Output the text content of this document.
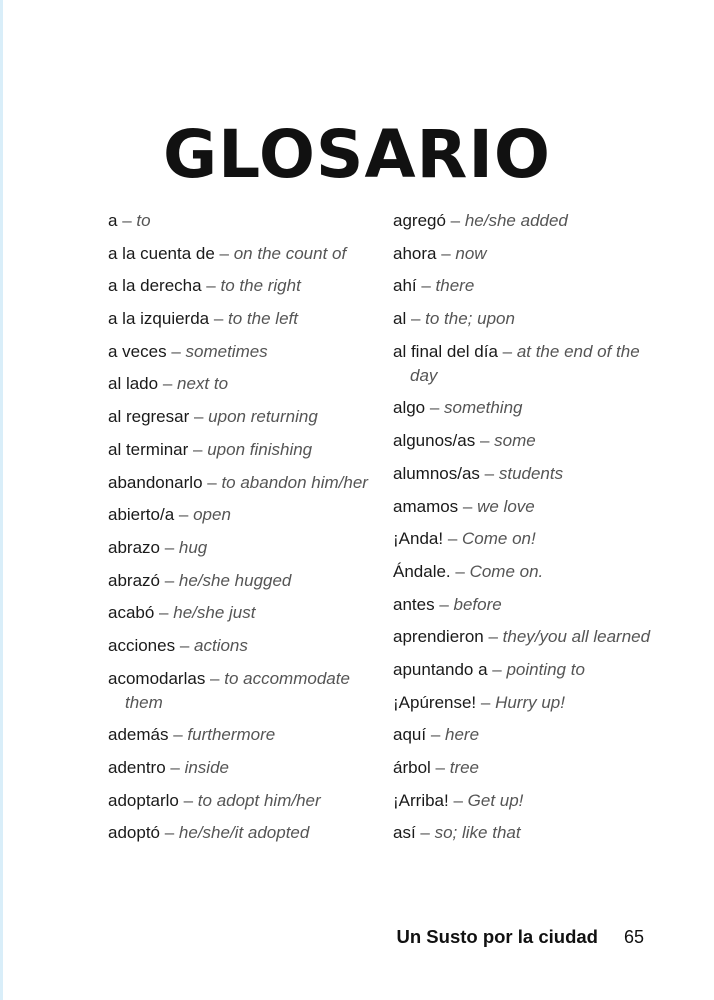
GLOSARIO
a – to
a la cuenta de – on the count of
a la derecha – to the right
a la izquierda – to the left
a veces – sometimes
al lado – next to
al regresar – upon returning
al terminar – upon finishing
abandonarlo – to abandon him/her
abierto/a – open
abrazo – hug
abrazó – he/she hugged
acabó – he/she just
acciones – actions
acomodarlas – to accommodate them
además – furthermore
adentro – inside
adoptarlo – to adopt him/her
adoptó – he/she/it adopted
agregó – he/she added
ahora – now
ahí – there
al – to the; upon
al final del día – at the end of the day
algo – something
algunos/as – some
alumnos/as – students
amamos – we love
¡Anda! – Come on!
Ándale. – Come on.
antes – before
aprendieron – they/you all learned
apuntando a – pointing to
¡Apúrense! – Hurry up!
aquí – here
árbol – tree
¡Arriba! – Get up!
así – so; like that
Un Susto por la ciudad 65
